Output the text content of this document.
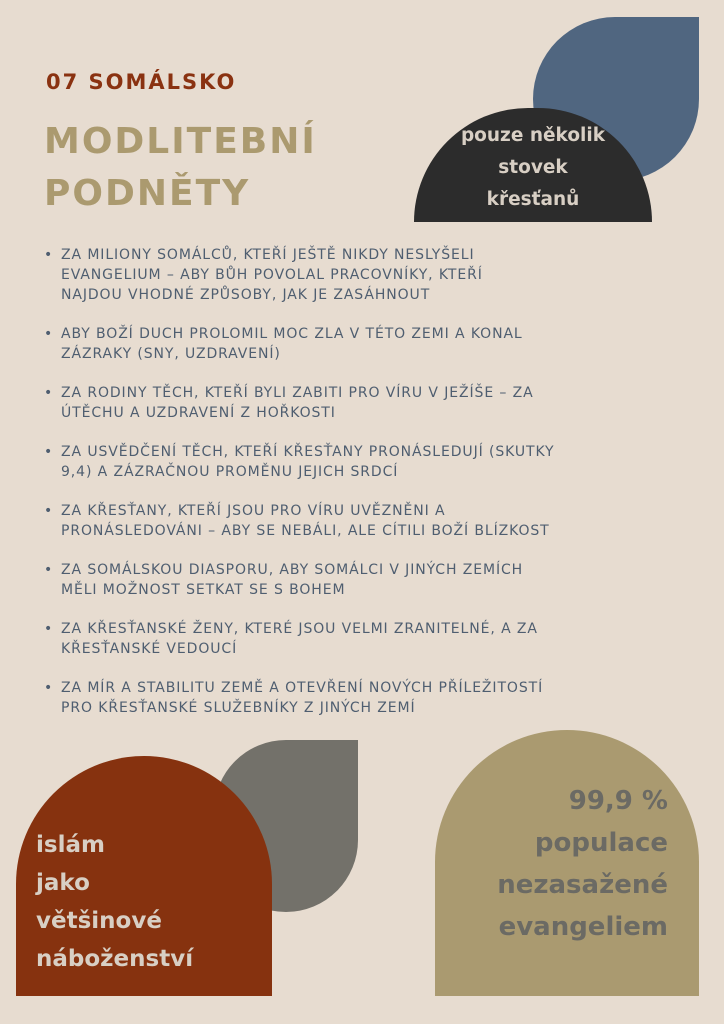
07 SOMÁLSKO
MODLITEBNÍ
PODNĚTY

pouze několik
stovek
křesťanů

• ZA MILIONY SOMÁLCŮ, KTEŘÍ JEŠTĚ NIKDY NESLYŠELI
EVANGELIUM – ABY BŮH POVOLAL PRACOVNÍKY, KTEŘÍ
NAJDOU VHODNÉ ZPŮSOBY, JAK JE ZASÁHNOUT
• ABY BOŽÍ DUCH PROLOMIL MOC ZLA V TÉTO ZEMI A KONAL
ZÁZRAKY (SNY, UZDRAVENÍ)
• ZA RODINY TĚCH, KTEŘÍ BYLI ZABITI PRO VÍRU V JEŽÍŠE – ZA
ÚTĚCHU A UZDRAVENÍ Z HOŘKOSTI
• ZA USVĚDČENÍ TĚCH, KTEŘÍ KŘESŤANY PRONÁSLEDUJÍ (SKUTKY
9,4) A ZÁZRAČNOU PROMĚNU JEJICH SRDCÍ
• ZA KŘESŤANY, KTEŘÍ JSOU PRO VÍRU UVĚZNĚNI A
PRONÁSLEDOVÁNI – ABY SE NEBÁLI, ALE CÍTILI BOŽÍ BLÍZKOST
• ZA SOMÁLSKOU DIASPORU, ABY SOMÁLCI V JINÝCH ZEMÍCH
MĚLI MOŽNOST SETKAT SE S BOHEM
• ZA KŘESŤANSKÉ ŽENY, KTERÉ JSOU VELMI ZRANITELNÉ, A ZA
KŘESŤANSKÉ VEDOUCÍ
• ZA MÍR A STABILITU ZEMĚ A OTEVŘENÍ NOVÝCH PŘÍLEŽITOSTÍ
PRO KŘESŤANSKÉ SLUŽEBNÍKY Z JINÝCH ZEMÍ

islám
jako
většinové
náboženství

99,9 %
populace
nezasažené
evangeliem
